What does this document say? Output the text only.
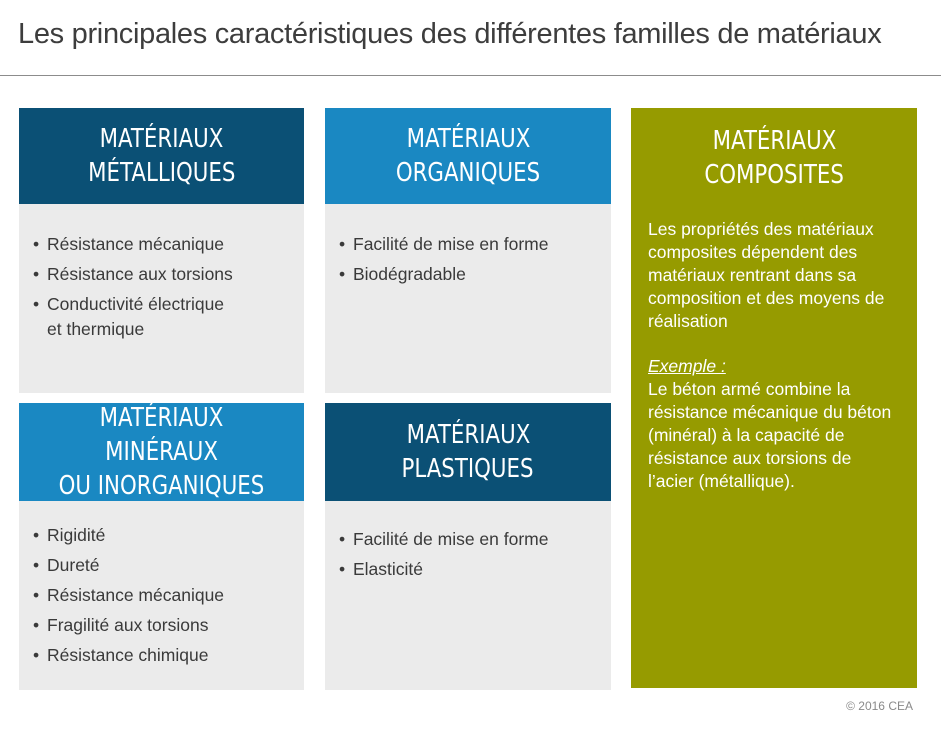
Les principales caractéristiques des différentes familles de matériaux
MATÉRIAUX
MÉTALLIQUES
• Résistance mécanique
• Résistance aux torsions
• Conductivité électrique
et thermique
MATÉRIAUX
ORGANIQUES
• Facilité de mise en forme
• Biodégradable
MATÉRIAUX MINÉRAUX
OU INORGANIQUES
• Rigidité
• Dureté
• Résistance mécanique
• Fragilité aux torsions
• Résistance chimique
MATÉRIAUX
PLASTIQUES
• Facilité de mise en forme
• Elasticité
MATÉRIAUX
COMPOSITES
Les propriétés des matériaux composites dépendent des matériaux rentrant dans sa composition et des moyens de réalisation
Exemple :
Le béton armé combine la résistance mécanique du béton (minéral) à la capacité de résistance aux torsions de l’acier (métallique).
© 2016 CEA
